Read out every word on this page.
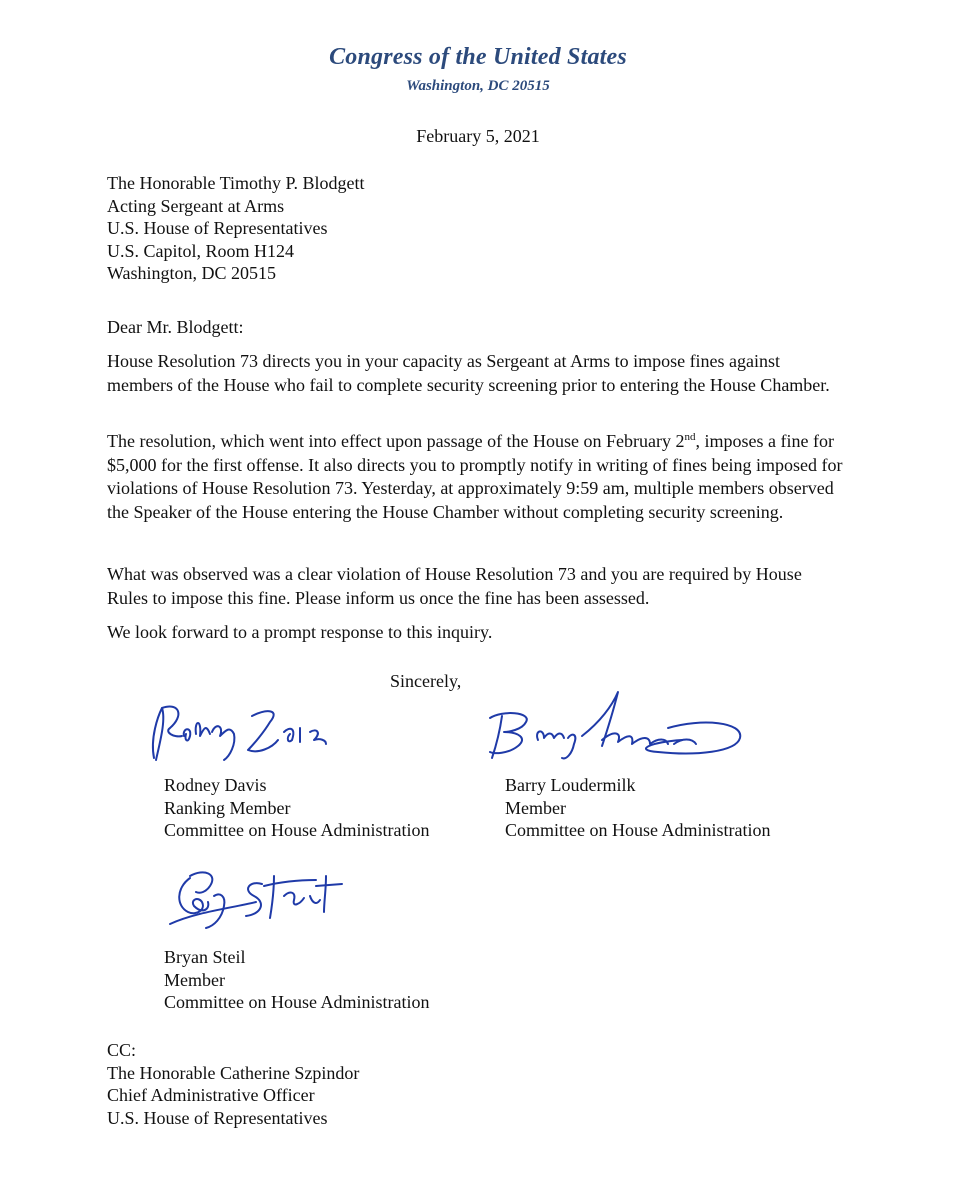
Congress of the United States
Washington, DC 20515
February 5, 2021

The Honorable Timothy P. Blodgett

Acting Sergeant at Arms

U.S. House of Representatives

U.S. Capitol, Room H124

Washington, DC 20515

Dear Mr. Blodgett:
House Resolution 73 directs you in your capacity as Sergeant at Arms to impose fines against members of the House who fail to complete security screening prior to entering the House Chamber.
The resolution, which went into effect upon passage of the House on February 2nd, imposes a fine for $5,000 for the first offense. It also directs you to promptly notify in writing of fines being imposed for violations of House Resolution 73. Yesterday, at approximately 9:59 am, multiple members observed the Speaker of the House entering the House Chamber without completing security screening.
What was observed was a clear violation of House Resolution 73 and you are required by House Rules to impose this fine. Please inform us once the fine has been assessed.
We look forward to a prompt response to this inquiry.
Sincerely,

Rodney Davis

Ranking Member

Committee on House Administration

Barry Loudermilk

Member

Committee on House Administration

Bryan Steil

Member

Committee on House Administration

CC:

The Honorable Catherine Szpindor

Chief Administrative Officer

U.S. House of Representatives
